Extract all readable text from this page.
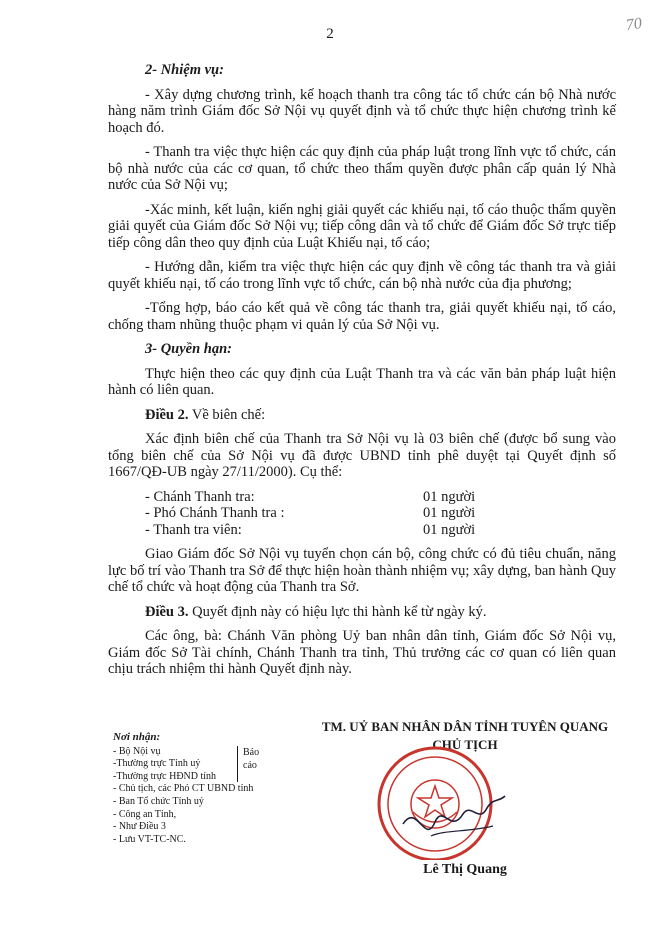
2	70

2- Nhiệm vụ:

- Xây dựng chương trình, kế hoạch thanh tra công tác tổ chức cán bộ Nhà nước hàng năm trình Giám đốc Sở Nội vụ quyết định và tổ chức thực hiện chương trình kế hoạch đó.

- Thanh tra việc thực hiện các quy định của pháp luật trong lĩnh vực tổ chức, cán bộ nhà nước của các cơ quan, tổ chức theo thẩm quyền được phân cấp quản lý Nhà nước của Sở Nội vụ;

-Xác minh, kết luận, kiến nghị giải quyết các khiếu nại, tố cáo thuộc thẩm quyền giải quyết của Giám đốc Sở Nội vụ; tiếp công dân và tổ chức để Giám đốc Sở trực tiếp tiếp công dân theo quy định của Luật Khiếu nại, tố cáo;

- Hướng dẫn, kiểm tra việc thực hiện các quy định về công tác thanh tra và giải quyết khiếu nại, tố cáo trong lĩnh vực tổ chức, cán bộ nhà nước của địa phương;

-Tổng hợp, báo cáo kết quả về công tác thanh tra, giải quyết khiếu nại, tố cáo, chống tham nhũng thuộc phạm vi quản lý của Sở Nội vụ.

3- Quyền hạn:

Thực hiện theo các quy định của Luật Thanh tra và các văn bản pháp luật hiện hành có liên quan.

Điều 2. Về biên chế:

Xác định biên chế của Thanh tra Sở Nội vụ là 03 biên chế (được bổ sung vào tổng biên chế của Sở Nội vụ đã được UBND tỉnh phê duyệt tại Quyết định số 1667/QĐ-UB ngày 27/11/2000). Cụ thể:

- Chánh Thanh tra:	01 người
- Phó Chánh Thanh tra :	01 người
- Thanh tra viên:	01 người

Giao Giám đốc Sở Nội vụ tuyển chọn cán bộ, công chức có đủ tiêu chuẩn, năng lực bố trí vào Thanh tra Sở để thực hiện hoàn thành nhiệm vụ; xây dựng, ban hành Quy chế tổ chức và hoạt động của Thanh tra Sở.

Điều 3. Quyết định này có hiệu lực thi hành kể từ ngày ký.

Các ông, bà: Chánh Văn phòng Uỷ ban nhân dân tỉnh, Giám đốc Sở Nội vụ, Giám đốc Sở Tài chính, Chánh Thanh tra tỉnh, Thủ trưởng các cơ quan có liên quan chịu trách nhiệm thi hành Quyết định này.

Nơi nhận:
- Bộ Nội vụ
-Thường trực Tỉnh uỷ
-Thường trực HĐND tỉnh
Báo cáo
- Chủ tịch, các Phó CT UBND tỉnh
- Ban Tổ chức Tỉnh uỷ
- Công an Tỉnh,
- Như Điều 3
- Lưu VT-TC-NC.
TM. UỶ BAN NHÂN DÂN TỈNH TUYÊN QUANG
CHỦ TỊCH
Lê Thị Quang
